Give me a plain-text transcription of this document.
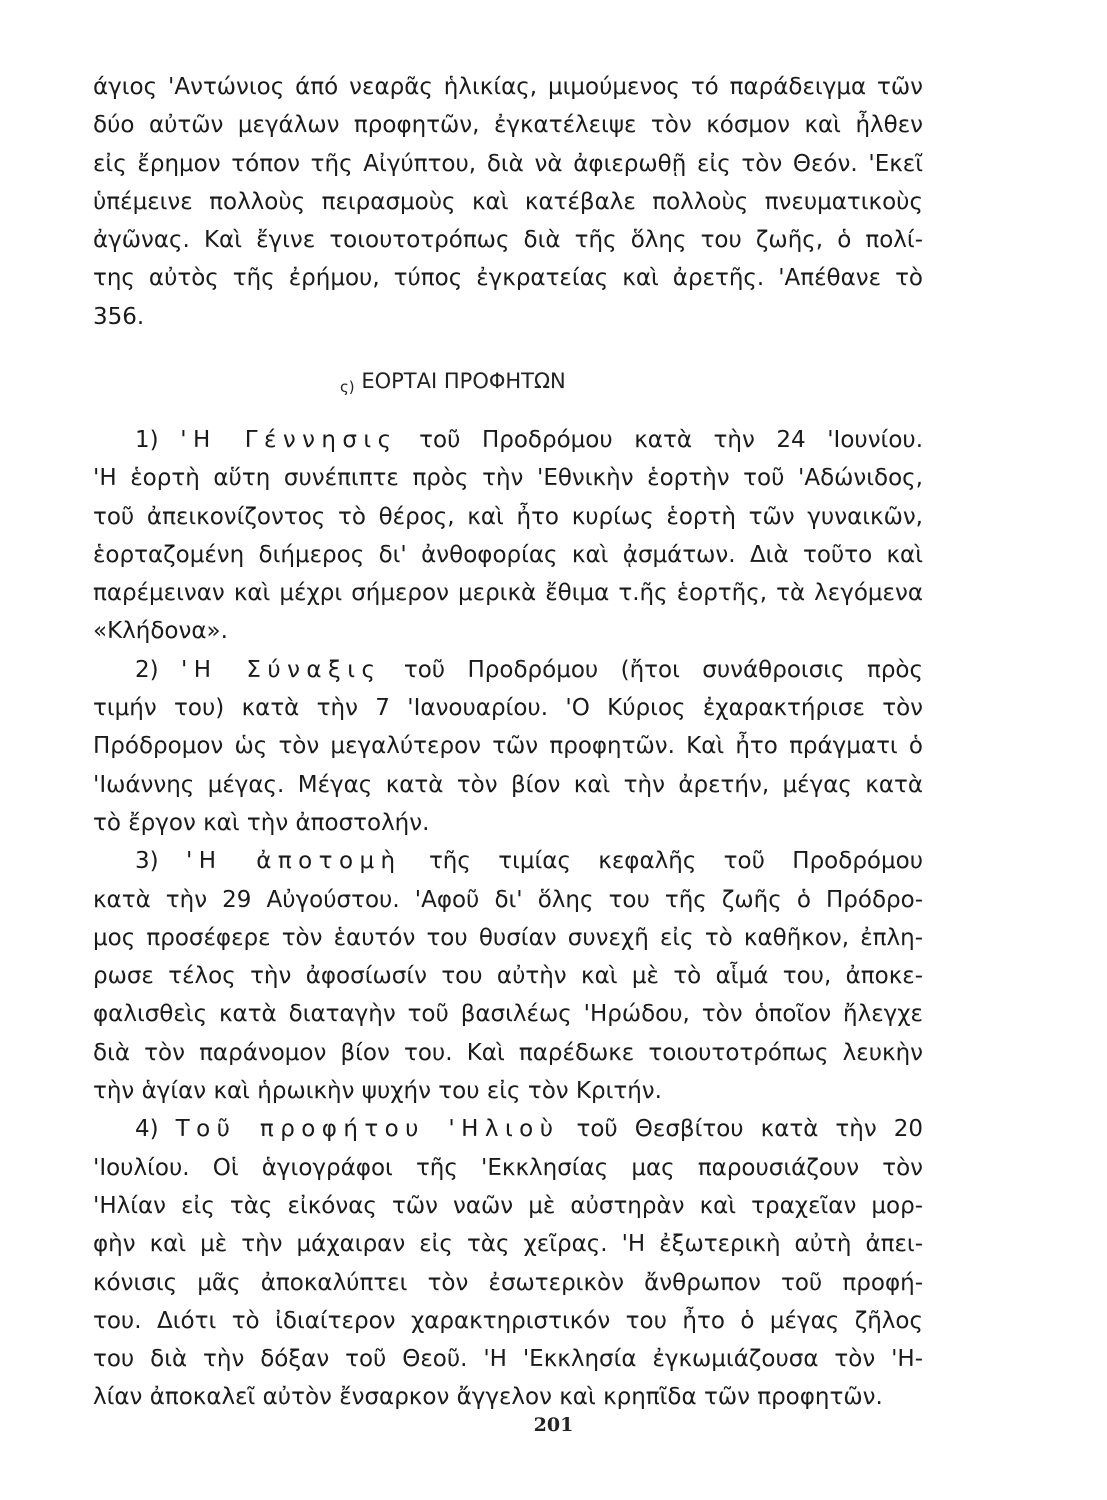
άγιος 'Αντώνιος άπό νεαρᾶς ἡλικίας, μιμούμενος τό παράδειγμα τῶν
δύο αὐτῶν μεγάλων προφητῶν, ἐγκατέλειψε τὸν κόσμον καὶ ἦλθεν
εἰς ἔρημον τόπον τῆς Αἰγύπτου, διὰ νὰ ἀφιερωθῇ εἰς τὸν Θεόν. 'Εκεῖ
ὑπέμεινε πολλοὺς πειρασμοὺς καὶ κατέβαλε πολλοὺς πνευματικοὺς
ἀγῶνας. Καὶ ἔγινε τοιουτοτρόπως διὰ τῆς ὅλης του ζωῆς, ὁ πολί-
της αὐτὸς τῆς ἐρήμου, τύπος ἐγκρατείας καὶ ἀρετῆς. 'Απέθανε τὸ
356.
ς) ΕΟΡΤΑΙ ΠΡΟΦΗΤΩΝ
1) 'Η Γέννησις τοῦ Προδρόμου κατὰ τὴν 24 'Ιουνίου.
'Η ἑορτὴ αὕτη συνέπιπτε πρὸς τὴν 'Εθνικὴν ἑορτὴν τοῦ 'Αδώνιδος,
τοῦ ἀπεικονίζοντος τὸ θέρος, καὶ ἦτο κυρίως ἑορτὴ τῶν γυναικῶν,
ἑορταζομένη διήμερος δι' ἀνθοφορίας καὶ ᾀσμάτων. Διὰ τοῦτο καὶ
παρέμειναν καὶ μέχρι σήμερον μερικὰ ἔθιμα τ.ῆς ἑορτῆς, τὰ λεγόμενα
«Κλήδονα».
2) 'Η Σύναξις τοῦ Προδρόμου (ἤτοι συνάθροισις πρὸς
τιμήν του) κατὰ τὴν 7 'Ιανουαρίου. 'Ο Κύριος ἐχαρακτήρισε τὸν
Πρόδρομον ὡς τὸν μεγαλύτερον τῶν προφητῶν. Καὶ ἦτο πράγματι ὁ
'Ιωάννης μέγας. Μέγας κατὰ τὸν βίον καὶ τὴν ἀρετήν, μέγας κατὰ
τὸ ἔργον καὶ τὴν ἀποστολήν.
3) 'Η ἀποτομὴ τῆς τιμίας κεφαλῆς τοῦ Προδρόμου
κατὰ τὴν 29 Αὐγούστου. 'Αφοῦ δι' ὅλης του τῆς ζωῆς ὁ Πρόδρο-
μος προσέφερε τὸν ἑαυτόν του θυσίαν συνεχῆ εἰς τὸ καθῆκον, ἐπλη-
ρωσε τέλος τὴν ἀφοσίωσίν του αὐτὴν καὶ μὲ τὸ αἷμά του, ἀποκε-
φαλισθεὶς κατὰ διαταγὴν τοῦ βασιλέως 'Ηρώδου, τὸν ὁποῖον ἤλεγχε
διὰ τὸν παράνομον βίον του. Καὶ παρέδωκε τοιουτοτρόπως λευκὴν
τὴν ἁγίαν καὶ ἡρωικὴν ψυχήν του εἰς τὸν Κριτήν.
4) Τοῦ προφήτου 'Ηλιοὺ τοῦ Θεσβίτου κατὰ τὴν 20
'Ιουλίου. Οἱ ἁγιογράφοι τῆς 'Εκκλησίας μας παρουσιάζουν τὸν
'Ηλίαν εἰς τὰς εἰκόνας τῶν ναῶν μὲ αὐστηρὰν καὶ τραχεῖαν μορ-
φὴν καὶ μὲ τὴν μάχαιραν εἰς τὰς χεῖρας. 'Η ἐξωτερικὴ αὐτὴ ἀπει-
κόνισις μᾶς ἀποκαλύπτει τὸν ἐσωτερικὸν ἄνθρωπον τοῦ προφή-
του. Διότι τὸ ἰδιαίτερον χαρακτηριστικόν του ἦτο ὁ μέγας ζῆλος
του διὰ τὴν δόξαν τοῦ Θεοῦ. 'Η 'Εκκλησία ἐγκωμιάζουσα τὸν 'Η-
λίαν ἀποκαλεῖ αὐτὸν ἔνσαρκον ἄγγελον καὶ κρηπῖδα τῶν προφητῶν.
201
